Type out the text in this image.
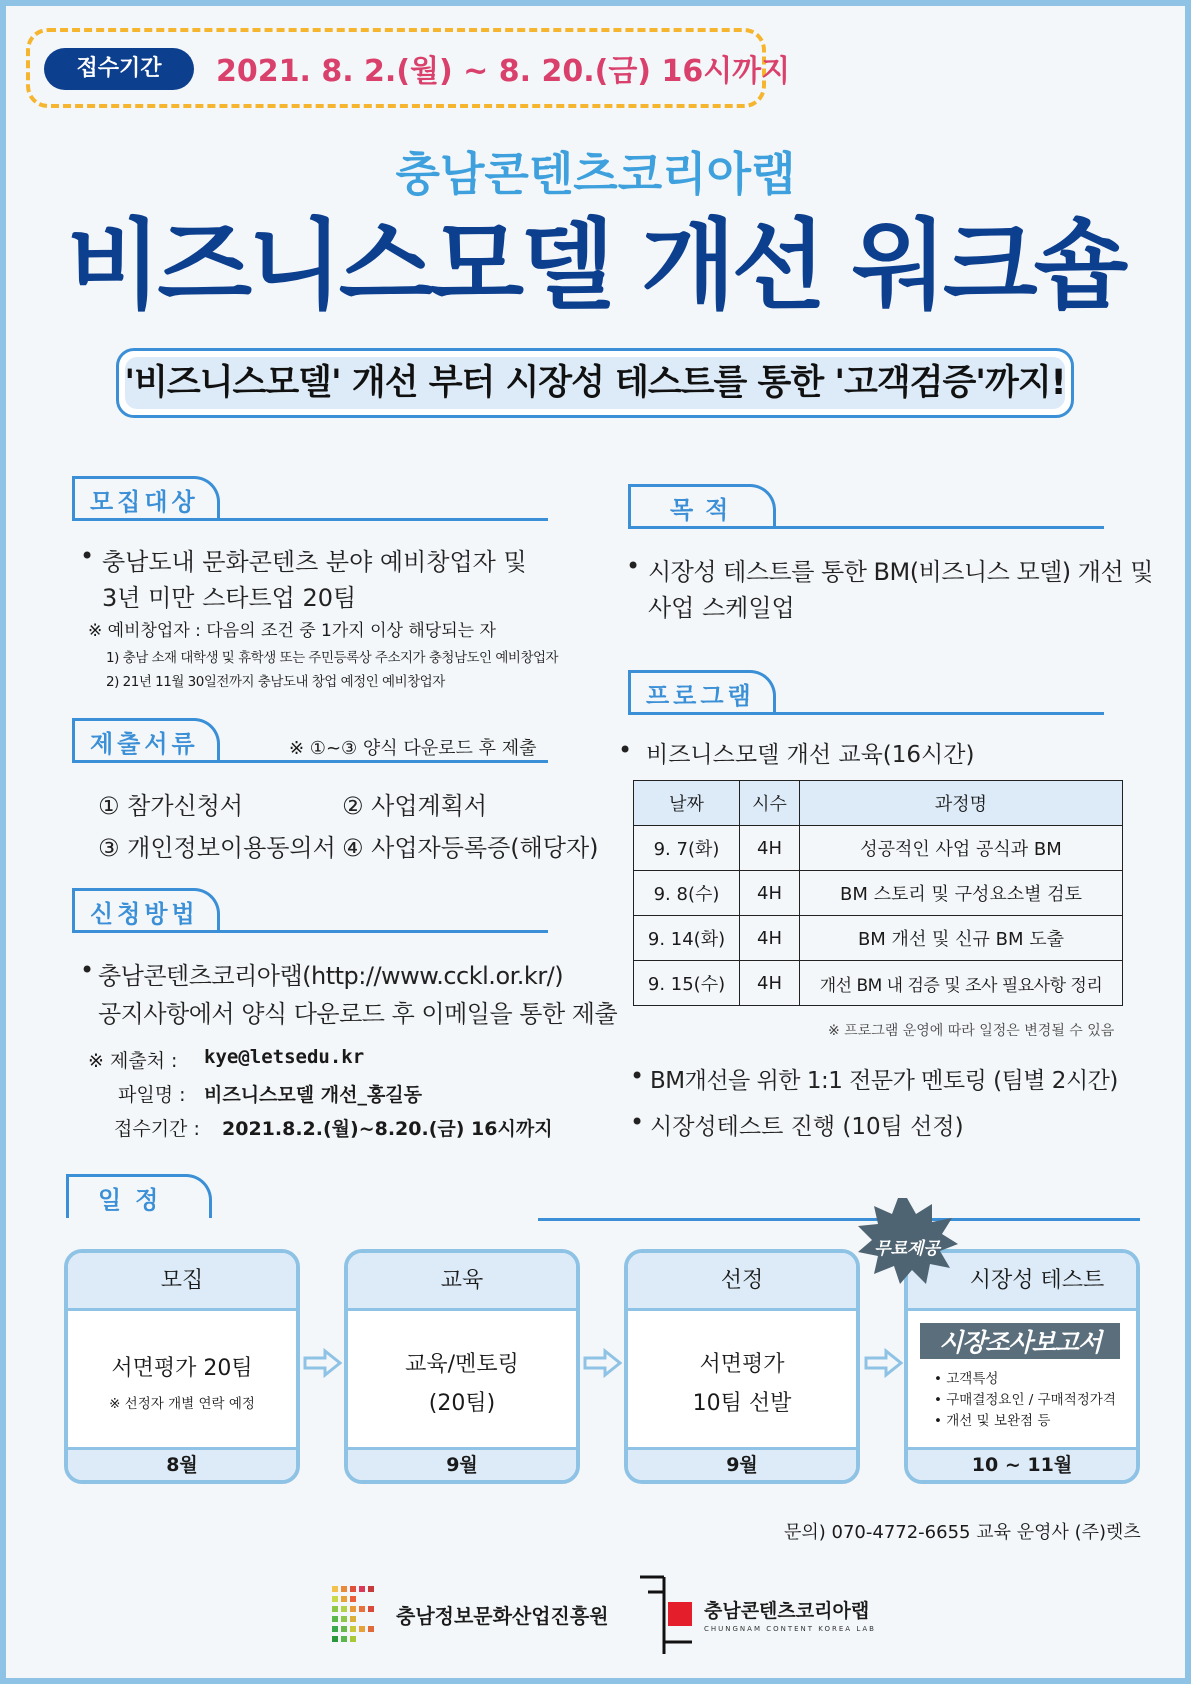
접수기간	2021. 8. 2.(월) ~ 8. 20.(금) 16시까지
충남콘텐츠코리아랩
비즈니스모델 개선 워크숍
'비즈니스모델' 개선 부터 시장성 테스트를 통한 '고객검증'까지!
모집대상
• 충남도내 문화콘텐츠 분야 예비창업자 및
3년 미만 스타트업 20팀
※ 예비창업자 : 다음의 조건 중 1가지 이상 해당되는 자
1) 충남 소재 대학생 및 휴학생 또는 주민등록상 주소지가 충청남도인 예비창업자
2) 21년 11월 30일전까지 충남도내 창업 예정인 예비창업자
제출서류	※ ①~③ 양식 다운로드 후 제출
① 참가신청서	② 사업계획서
③ 개인정보이용동의서 ④ 사업자등록증(해당자)
신청방법
• 충남콘텐츠코리아랩(http://www.cckl.or.kr/)
공지사항에서 양식 다운로드 후 이메일을 통한 제출
※ 제출처 : kye@letsedu.kr
파일명 : 비즈니스모델 개선_홍길동
접수기간 : 2021.8.2.(월)~8.20.(금) 16시까지
목적
• 시장성 테스트를 통한 BM(비즈니스 모델) 개선 및
사업 스케일업
프로그램
• 비즈니스모델 개선 교육(16시간)
날짜	시수	과정명
9. 7(화)	4H	성공적인 사업 공식과 BM
9. 8(수)	4H	BM 스토리 및 구성요소별 검토
9. 14(화)	4H	BM 개선 및 신규 BM 도출
9. 15(수)	4H	개선 BM 내 검증 및 조사 필요사항 정리
※ 프로그램 운영에 따라 일정은 변경될 수 있음
• BM개선을 위한 1:1 전문가 멘토링 (팀별 2시간)
• 시장성테스트 진행 (10팀 선정)
일정
모집
서면평가 20팀
※ 선정자 개별 연락 예정
8월
교육
교육/멘토링
(20팀)
9월
선정
서면평가
10팀 선발
9월
시장성 테스트
시장조사보고서
• 고객특성
• 구매결정요인 / 구매적정가격
• 개선 및 보완점 등
10 ~ 11월
무료제공
문의) 070-4772-6655 교육 운영사 (주)렛츠
충남정보문화산업진흥원	충남콘텐츠코리아랩
CHUNGNAM CONTENT KOREA LAB
